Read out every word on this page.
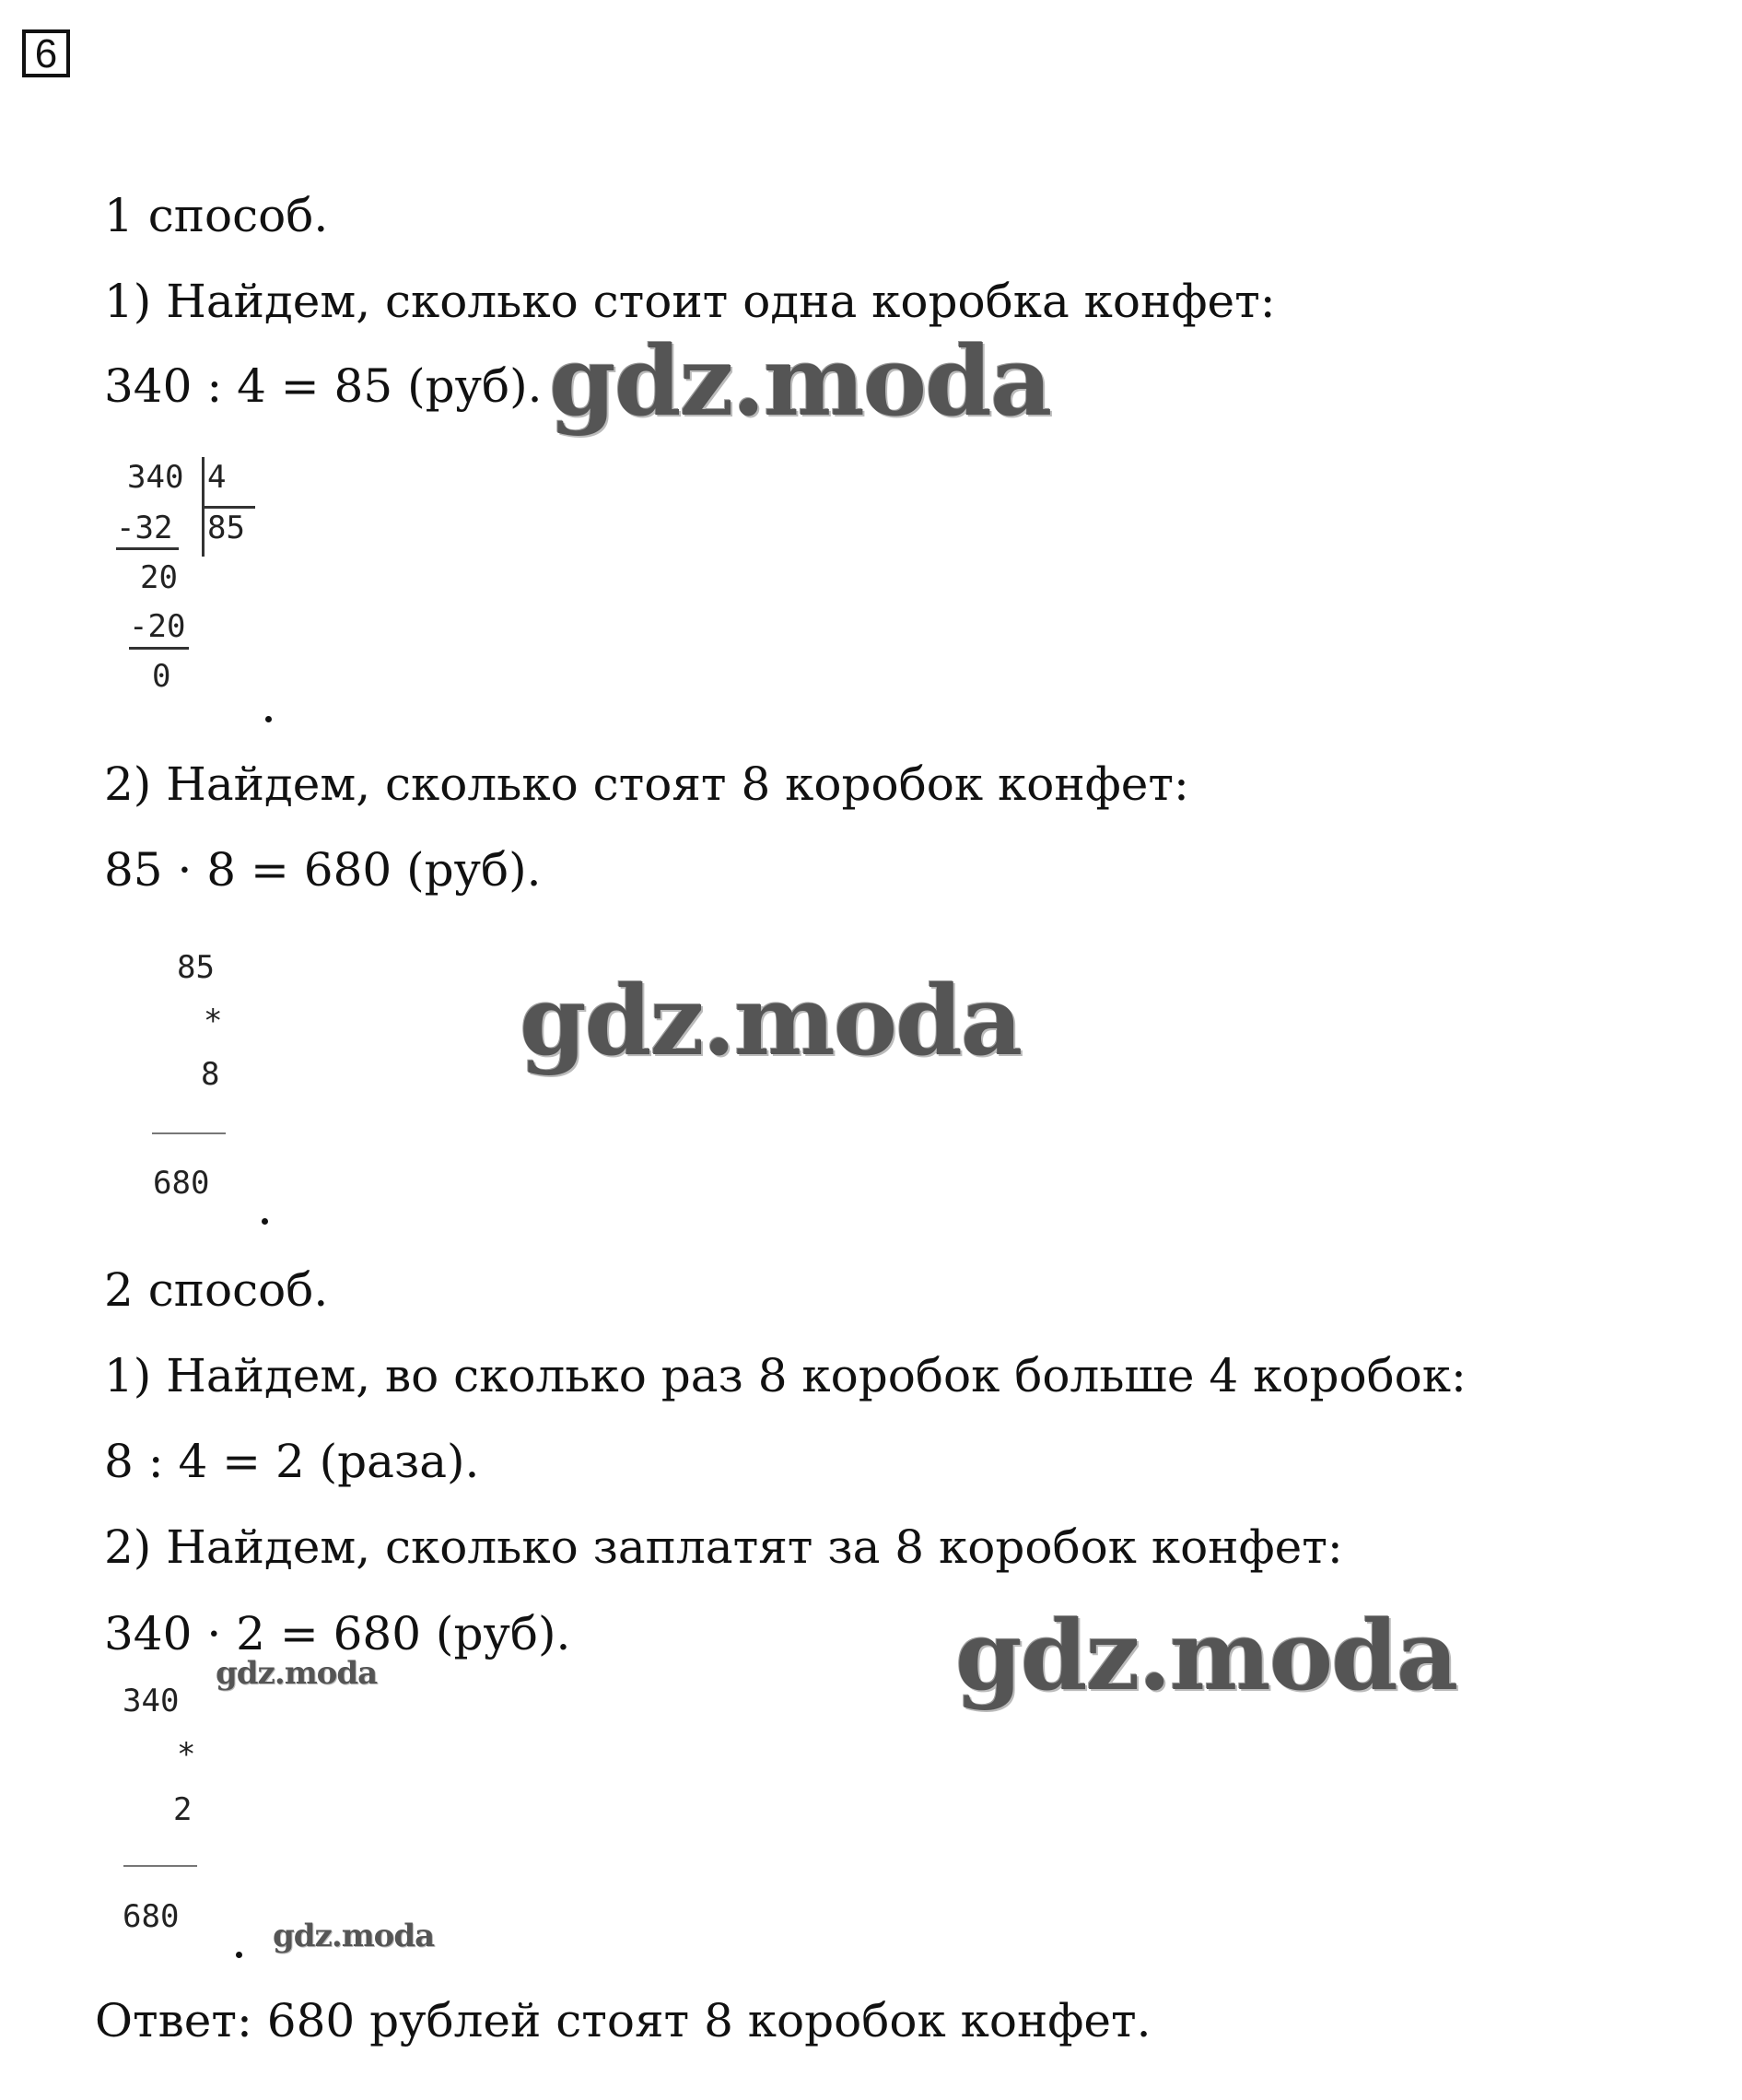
6
1 способ.
1) Найдем, сколько стоит одна коробка конфет:
340 : 4 = 85 (руб). gdz.moda
340 4
85
-32
20
-20
0
2) Найдем, сколько стоят 8 коробок конфет:
85 · 8 = 680 (руб).
85
*
8
680
gdz.moda
2 способ.
1) Найдем, во сколько раз 8 коробок больше 4 коробок:
8 : 4 = 2 (раза).
2) Найдем, сколько заплатят за 8 коробок конфет:
340 · 2 = 680 (руб).	gdz.moda
gdz.moda
340
*
2
680
gdz.moda
Ответ: 680 рублей стоят 8 коробок конфет.
